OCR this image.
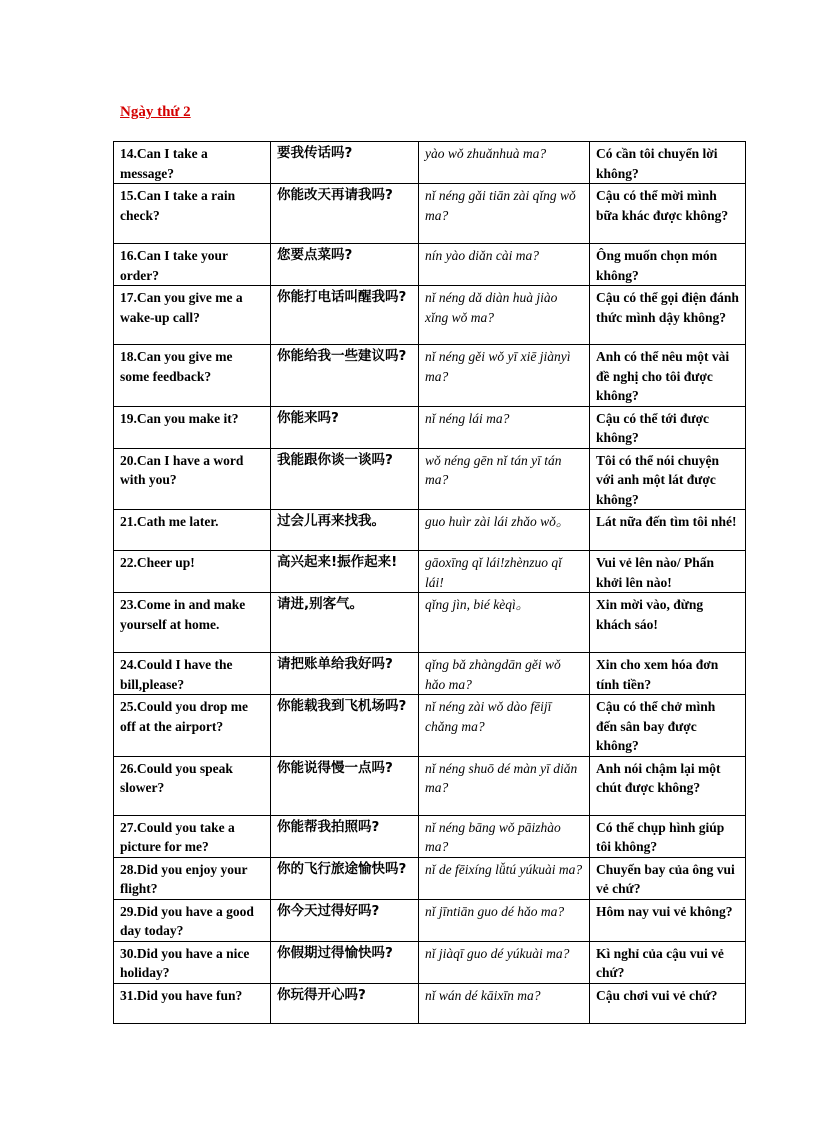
Ngày thứ 2
14.Can I take a message?	要我传话吗?	yào wǒ zhuǎnhuà ma?	Có cần tôi chuyển lời không?
15.Can I take a rain check?	你能改天再请我吗?	nǐ néng gǎi tiān zài qǐng wǒ ma?	Cậu có thể mời mình bữa khác được không?
16.Can I take your order?	您要点菜吗?	nín yào diǎn cài ma?	Ông muốn chọn món không?
17.Can you give me a wake-up call?	你能打电话叫醒我吗?	nǐ néng dǎ diàn huà jiào xǐng wǒ ma?	Cậu có thể gọi điện đánh thức mình dậy không?
18.Can you give me some feedback?	你能给我一些建议吗?	nǐ néng gěi wǒ yī xiē jiànyì ma?	Anh có thể nêu một vài đề nghị cho tôi được không?
19.Can you make it?	你能来吗?	nǐ néng lái ma?	Cậu có thể tới được không?
20.Can I have a word with you?	我能跟你谈一谈吗?	wǒ néng gēn nǐ tán yī tán ma?	Tôi có thể nói chuyện với anh một lát được không?
21.Cath me later.	过会儿再来找我。	guo huìr zài lái zhǎo wǒ。	Lát nữa đến tìm tôi nhé!
22.Cheer up!	高兴起来!振作起来!	gāoxīng qǐ lái!zhènzuo qǐ lái!	Vui vẻ lên nào/ Phấn khởi lên nào!
23.Come in and make yourself at home.	请进,别客气。	qǐng jìn, bié kèqì。	Xin mời vào, đừng khách sáo!
24.Could I have the bill,please?	请把账单给我好吗?	qǐng bǎ zhàngdān gěi wǒ hǎo ma?	Xin cho xem hóa đơn tính tiền?
25.Could you drop me off at the airport?	你能载我到飞机场吗?	nǐ néng zài wǒ dào fēijī chǎng ma?	Cậu có thể chở mình đến sân bay được không?
26.Could you speak slower?	你能说得慢一点吗?	nǐ néng shuō dé màn yī diǎn ma?	Anh nói chậm lại một chút được không?
27.Could you take a picture for me?	你能帮我拍照吗?	nǐ néng bāng wǒ pāizhào ma?	Có thể chụp hình giúp tôi không?
28.Did you enjoy your flight?	你的飞行旅途愉快吗?	nǐ de fēixíng lǚtú yúkuài ma?	Chuyến bay của ông vui vẻ chứ?
29.Did you have a good day today?	你今天过得好吗?	nǐ jīntiān guo dé hǎo ma?	Hôm nay vui vẻ không?
30.Did you have a nice holiday?	你假期过得愉快吗?	nǐ jiàqī guo dé yúkuài ma?	Kì nghỉ của cậu vui vẻ chứ?
31.Did you have fun?	你玩得开心吗?	nǐ wán dé kāixīn ma?	Cậu chơi vui vẻ chứ?
